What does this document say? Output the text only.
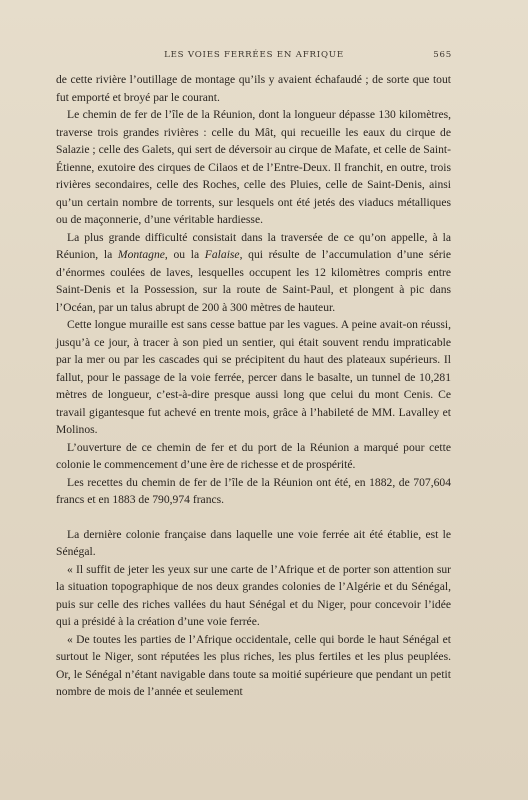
LES VOIES FERRÉES EN AFRIQUE	565

de cette rivière l’outillage de montage qu’ils y avaient échafaudé ; de sorte que tout fut emporté et broyé par le courant.

Le chemin de fer de l’île de la Réunion, dont la longueur dépasse 130 kilomètres, traverse trois grandes rivières : celle du Mât, qui recueille les eaux du cirque de Salazie ; celle des Galets, qui sert de déversoir au cirque de Mafate, et celle de Saint-Étienne, exutoire des cirques de Cilaos et de l’Entre-Deux. Il franchit, en outre, trois rivières secondaires, celle des Roches, celle des Pluies, celle de Saint-Denis, ainsi qu’un certain nombre de torrents, sur lesquels ont été jetés des viaducs métalliques ou de maçonnerie, d’une véritable hardiesse.

La plus grande difficulté consistait dans la traversée de ce qu’on appelle, à la Réunion, la Montagne, ou la Falaise, qui résulte de l’accumulation d’une série d’énormes coulées de laves, lesquelles occupent les 12 kilomètres compris entre Saint-Denis et la Possession, sur la route de Saint-Paul, et plongent à pic dans l’Océan, par un talus abrupt de 200 à 300 mètres de hauteur.

Cette longue muraille est sans cesse battue par les vagues. A peine avait-on réussi, jusqu’à ce jour, à tracer à son pied un sentier, qui était souvent rendu impraticable par la mer ou par les cascades qui se précipitent du haut des plateaux supérieurs. Il fallut, pour le passage de la voie ferrée, percer dans le basalte, un tunnel de 10,281 mètres de longueur, c’est-à-dire presque aussi long que celui du mont Cenis. Ce travail gigantesque fut achevé en trente mois, grâce à l’habileté de MM. Lavalley et Molinos.

L’ouverture de ce chemin de fer et du port de la Réunion a marqué pour cette colonie le commencement d’une ère de richesse et de prospérité.

Les recettes du chemin de fer de l’île de la Réunion ont été, en 1882, de 707,604 francs et en 1883 de 790,974 francs.

La dernière colonie française dans laquelle une voie ferrée ait été établie, est le Sénégal.

« Il suffit de jeter les yeux sur une carte de l’Afrique et de porter son attention sur la situation topographique de nos deux grandes colonies de l’Algérie et du Sénégal, puis sur celle des riches vallées du haut Sénégal et du Niger, pour concevoir l’idée qui a présidé à la création d’une voie ferrée.

« De toutes les parties de l’Afrique occidentale, celle qui borde le haut Sénégal et surtout le Niger, sont réputées les plus riches, les plus fertiles et les plus peuplées. Or, le Sénégal n’étant navigable dans toute sa moitié supérieure que pendant un petit nombre de mois de l’année et seulement
